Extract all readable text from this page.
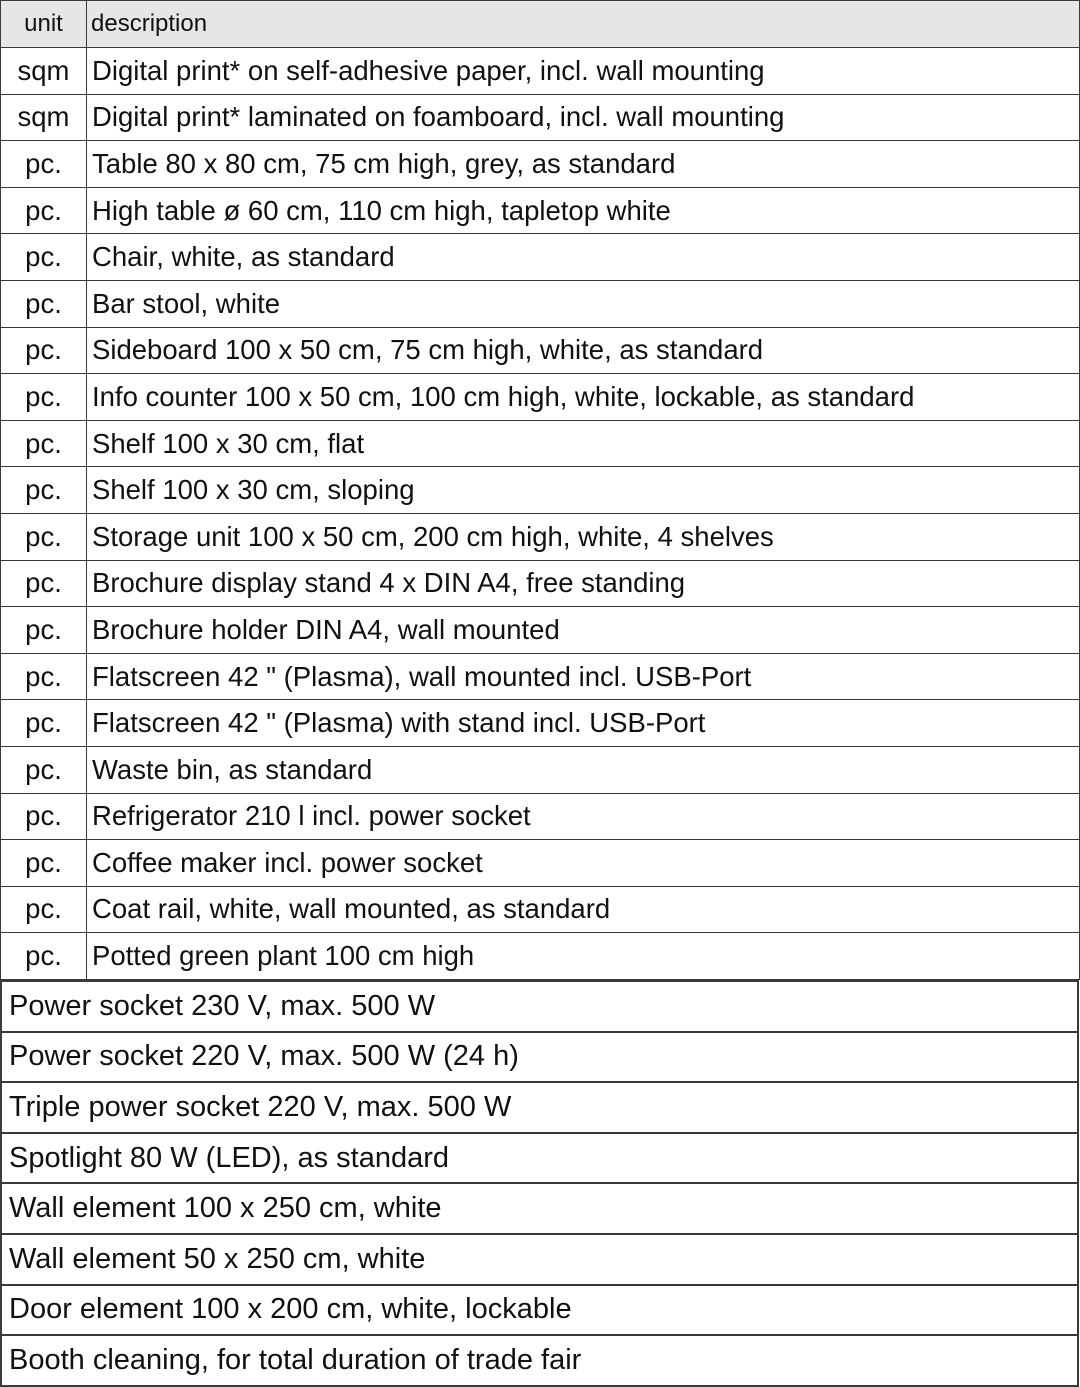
unit	description
sqm	Digital print* on self-adhesive paper, incl. wall mounting
sqm	Digital print* laminated on foamboard, incl. wall mounting
pc.	Table 80 x 80 cm, 75 cm high, grey, as standard
pc.	High table ø 60 cm, 110 cm high, tapletop white
pc.	Chair, white, as standard
pc.	Bar stool, white
pc.	Sideboard 100 x 50 cm, 75 cm high, white, as standard
pc.	Info counter 100 x 50 cm, 100 cm high, white, lockable, as standard
pc.	Shelf 100 x 30 cm, flat
pc.	Shelf 100 x 30 cm, sloping
pc.	Storage unit 100 x 50 cm, 200 cm high, white, 4 shelves
pc.	Brochure display stand 4 x DIN A4, free standing
pc.	Brochure holder DIN A4, wall mounted
pc.	Flatscreen 42 " (Plasma), wall mounted incl. USB-Port
pc.	Flatscreen 42 " (Plasma) with stand incl. USB-Port
pc.	Waste bin, as standard
pc.	Refrigerator 210 l incl. power socket
pc.	Coffee maker incl. power socket
pc.	Coat rail, white, wall mounted, as standard
pc.	Potted green plant 100 cm high
Power socket 230 V, max. 500 W
Power socket 220 V, max. 500 W (24 h)
Triple power socket 220 V, max. 500 W
Spotlight 80 W (LED), as standard
Wall element 100 x 250 cm, white
Wall element 50 x 250 cm, white
Door element 100 x 200 cm, white, lockable
Booth cleaning, for total duration of trade fair
